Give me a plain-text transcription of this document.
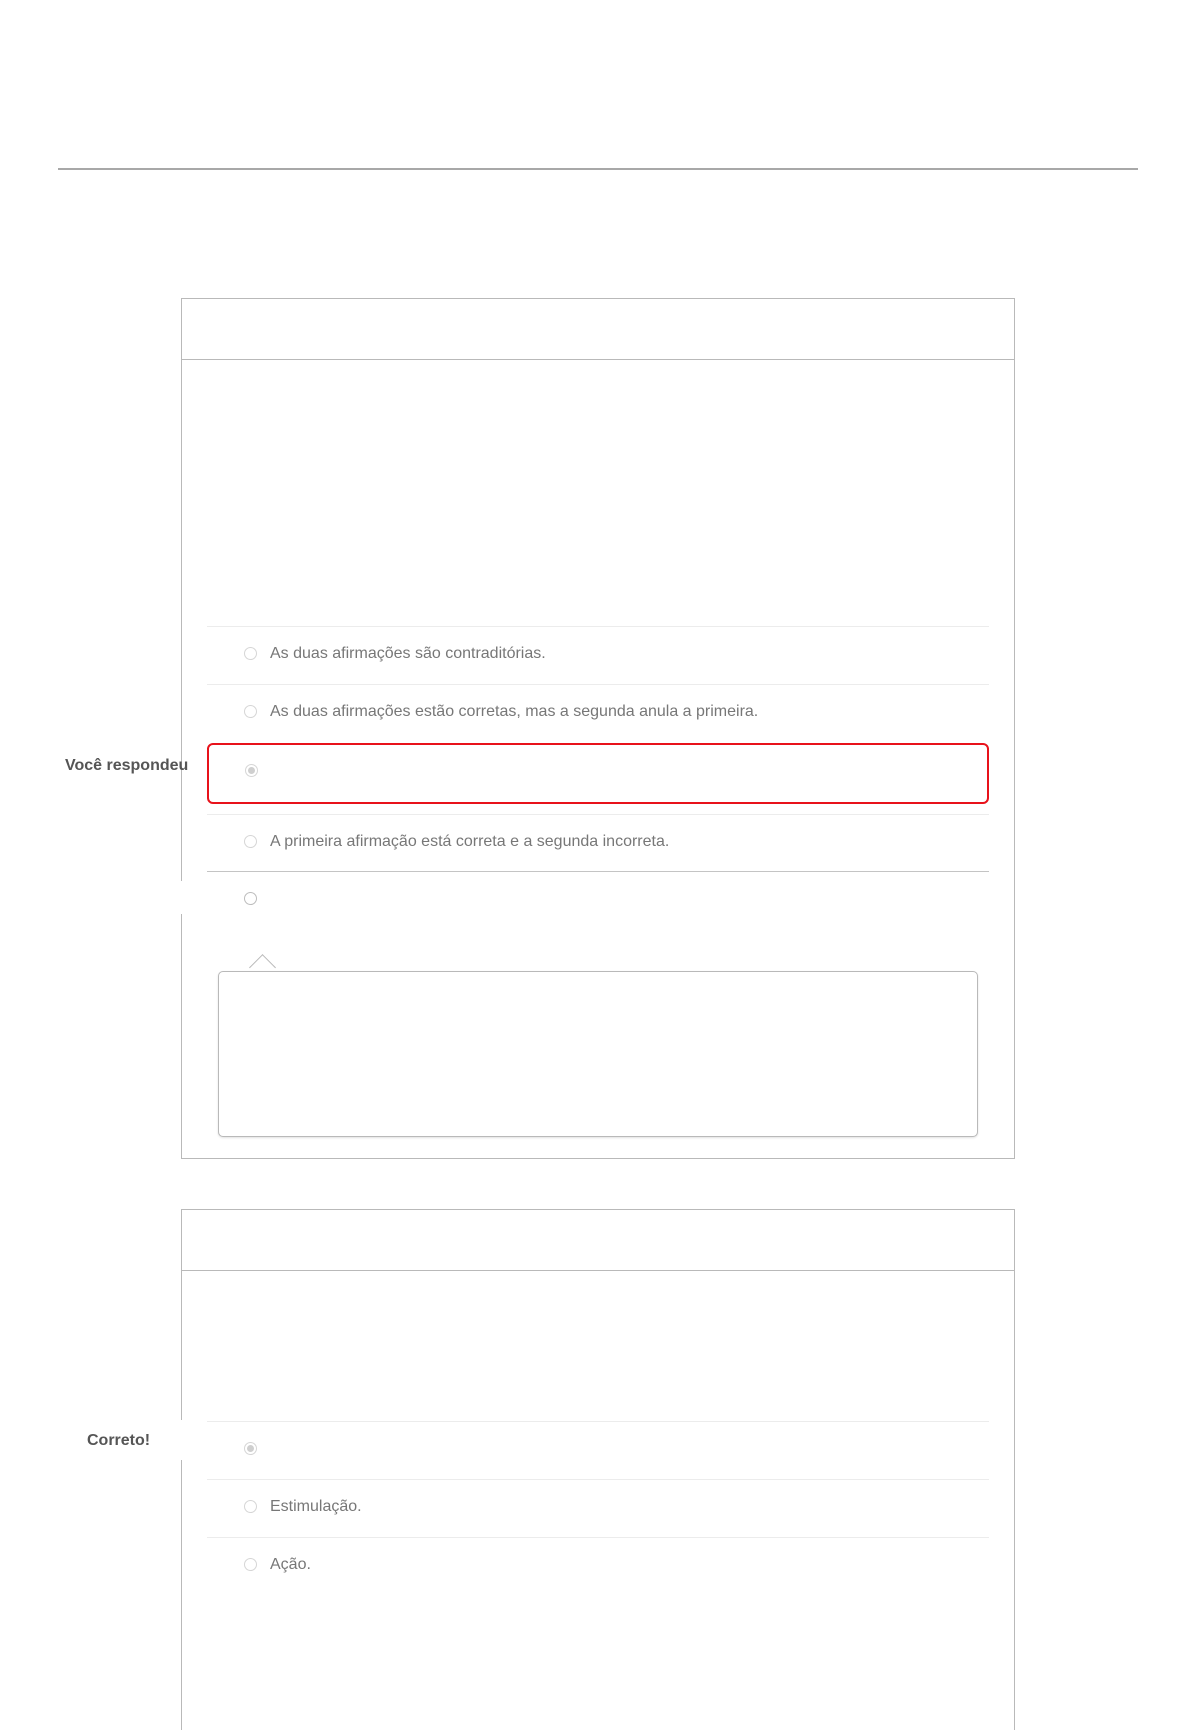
As duas afirmações são contraditórias.
As duas afirmações estão corretas, mas a segunda anula a primeira.
A primeira afirmação está correta e a segunda incorreta.
Você respondeu
Estimulação.
Ação.
Correto!
